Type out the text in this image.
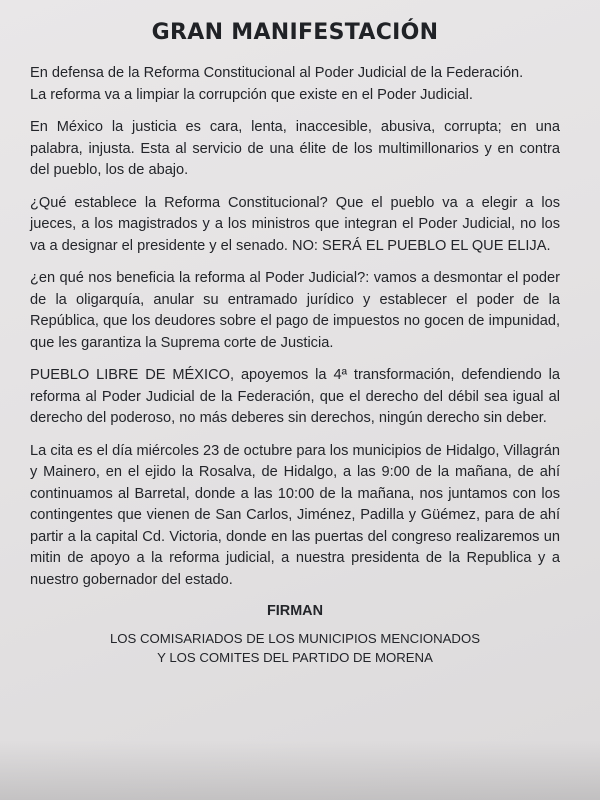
GRAN MANIFESTACIÓN

En defensa de la Reforma Constitucional al Poder Judicial de la Federación.
La reforma va a limpiar la corrupción que existe en el Poder Judicial.

En México la justicia es cara, lenta, inaccesible, abusiva, corrupta; en una palabra, injusta. Esta al servicio de una élite de los multimillonarios y en contra del pueblo, los de abajo.

¿Qué establece la Reforma Constitucional? Que el pueblo va a elegir a los jueces, a los magistrados y a los ministros que integran el Poder Judicial, no los va a designar el presidente y el senado. NO: SERÁ EL PUEBLO EL QUE ELIJA.

¿en qué nos beneficia la reforma al Poder Judicial?: vamos a desmontar el poder de la oligarquía, anular su entramado jurídico y establecer el poder de la República, que los deudores sobre el pago de impuestos no gocen de impunidad, que les garantiza la Suprema corte de Justicia.

PUEBLO LIBRE DE MÉXICO, apoyemos la 4ª transformación, defendiendo la reforma al Poder Judicial de la Federación, que el derecho del débil sea igual al derecho del poderoso, no más deberes sin derechos, ningún derecho sin deber.

La cita es el día miércoles 23 de octubre para los municipios de Hidalgo, Villagrán y Mainero, en el ejido la Rosalva, de Hidalgo, a las 9:00 de la mañana, de ahí continuamos al Barretal, donde a las 10:00 de la mañana, nos juntamos con los contingentes que vienen de San Carlos, Jiménez, Padilla y Güémez, para de ahí partir a la capital Cd. Victoria, donde en las puertas del congreso realizaremos un mitin de apoyo a la reforma judicial, a nuestra presidenta de la Republica y a nuestro gobernador del estado.

FIRMAN
LOS COMISARIADOS DE LOS MUNICIPIOS MENCIONADOS
Y LOS COMITES DEL PARTIDO DE MORENA
